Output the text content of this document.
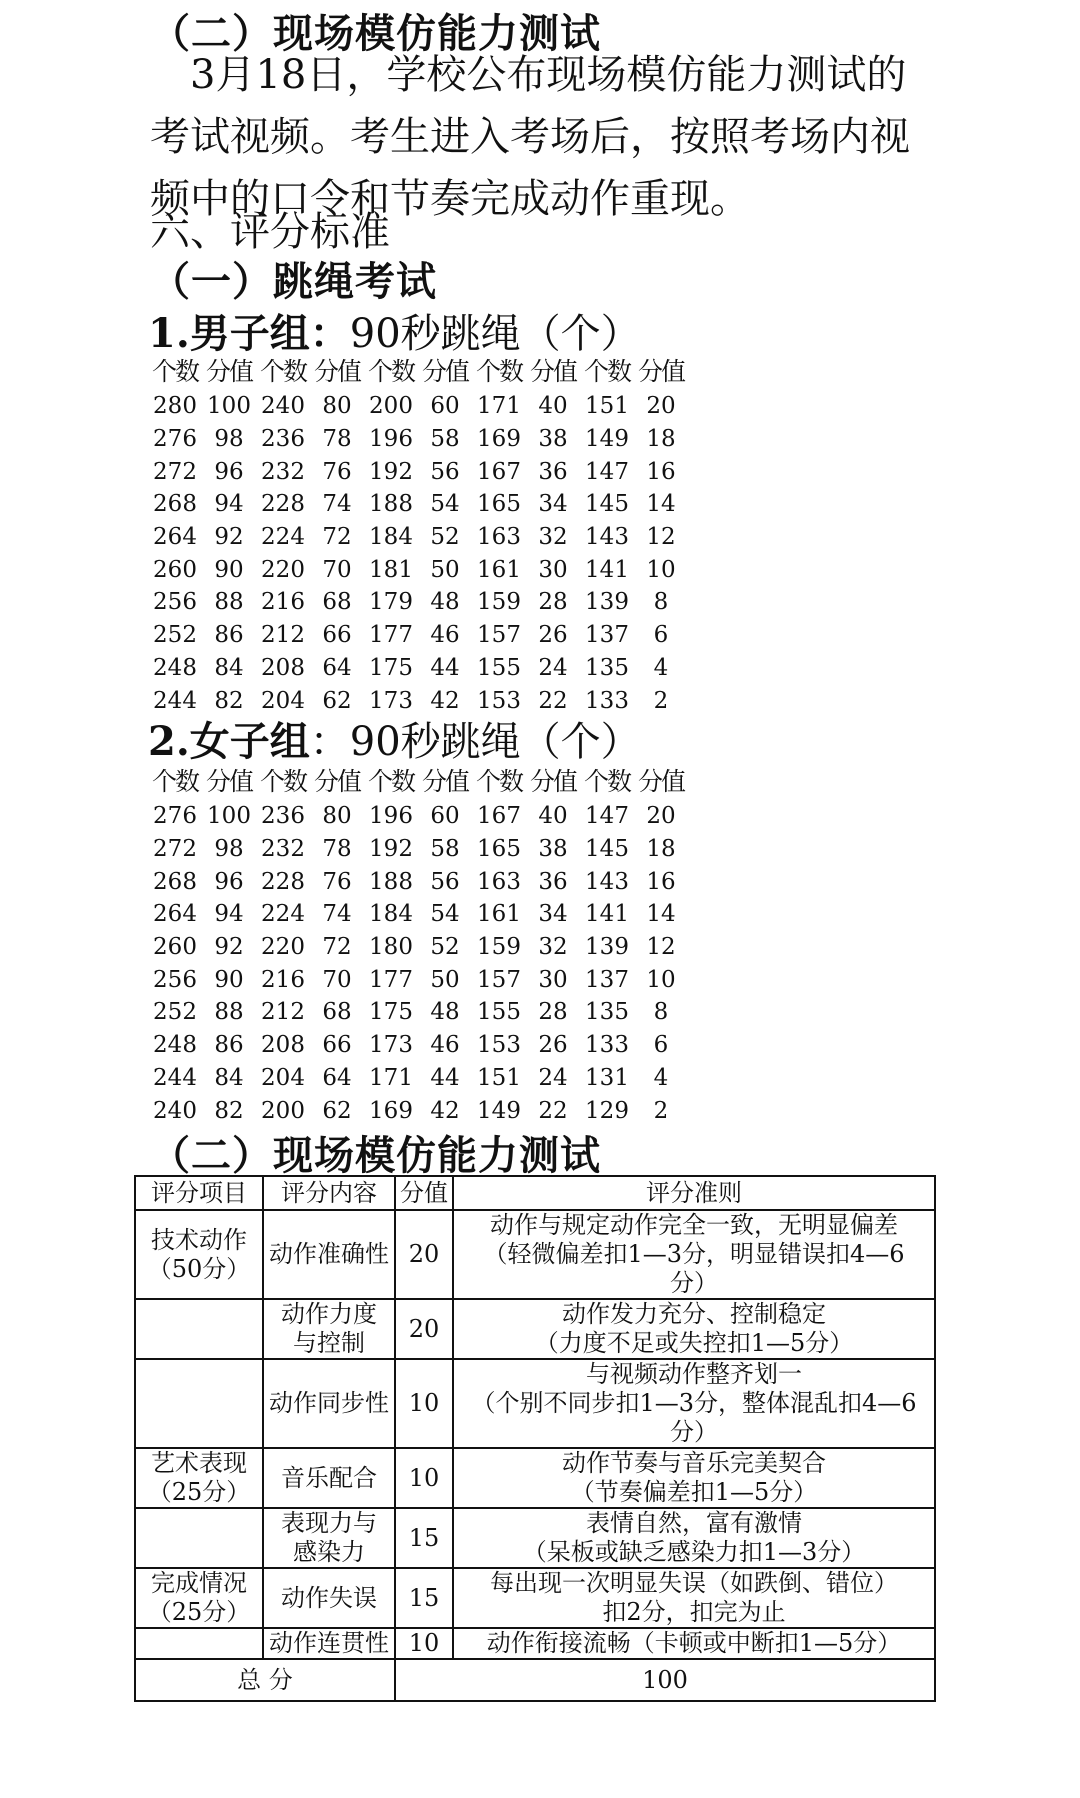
（二）现场模仿能力测试
3月18日，学校公布现场模仿能力测试的
考试视频。考生进入考场后，按照考场内视
频中的口令和节奏完成动作重现。
六、评分标准
（一）跳绳考试
1.男子组：90秒跳绳（个）
个数	分值	个数	分值	个数	分值	个数	分值	个数	分值
280	100	240	80	200	60	171	40	151	20
276	98	236	78	196	58	169	38	149	18
272	96	232	76	192	56	167	36	147	16
268	94	228	74	188	54	165	34	145	14
264	92	224	72	184	52	163	32	143	12
260	90	220	70	181	50	161	30	141	10
256	88	216	68	179	48	159	28	139	8
252	86	212	66	177	46	157	26	137	6
248	84	208	64	175	44	155	24	135	4
244	82	204	62	173	42	153	22	133	2
2.女子组：90秒跳绳（个）
个数	分值	个数	分值	个数	分值	个数	分值	个数	分值
276	100	236	80	196	60	167	40	147	20
272	98	232	78	192	58	165	38	145	18
268	96	228	76	188	56	163	36	143	16
264	94	224	74	184	54	161	34	141	14
260	92	220	72	180	52	159	32	139	12
256	90	216	70	177	50	157	30	137	10
252	88	212	68	175	48	155	28	135	8
248	86	208	66	173	46	153	26	133	6
244	84	204	64	171	44	151	24	131	4
240	82	200	62	169	42	149	22	129	2
（二）现场模仿能力测试
评分项目	评分内容	分值	评分准则
技术动作
（50分）	动作准确性	20	动作与规定动作完全一致，无明显偏差
（轻微偏差扣1—3分，明显错误扣4—6
分）
	动作力度
与控制	20	动作发力充分、控制稳定
（力度不足或失控扣1—5分）
	动作同步性	10	与视频动作整齐划一
（个别不同步扣1—3分，整体混乱扣4—6
分）
艺术表现
（25分）	音乐配合	10	动作节奏与音乐完美契合
（节奏偏差扣1—5分）
	表现力与
感染力	15	表情自然，富有激情
（呆板或缺乏感染力扣1—3分）
完成情况
（25分）	动作失误	15	每出现一次明显失误（如跌倒、错位）
扣2分，扣完为止
	动作连贯性	10	动作衔接流畅（卡顿或中断扣1—5分）
总 分		100	
